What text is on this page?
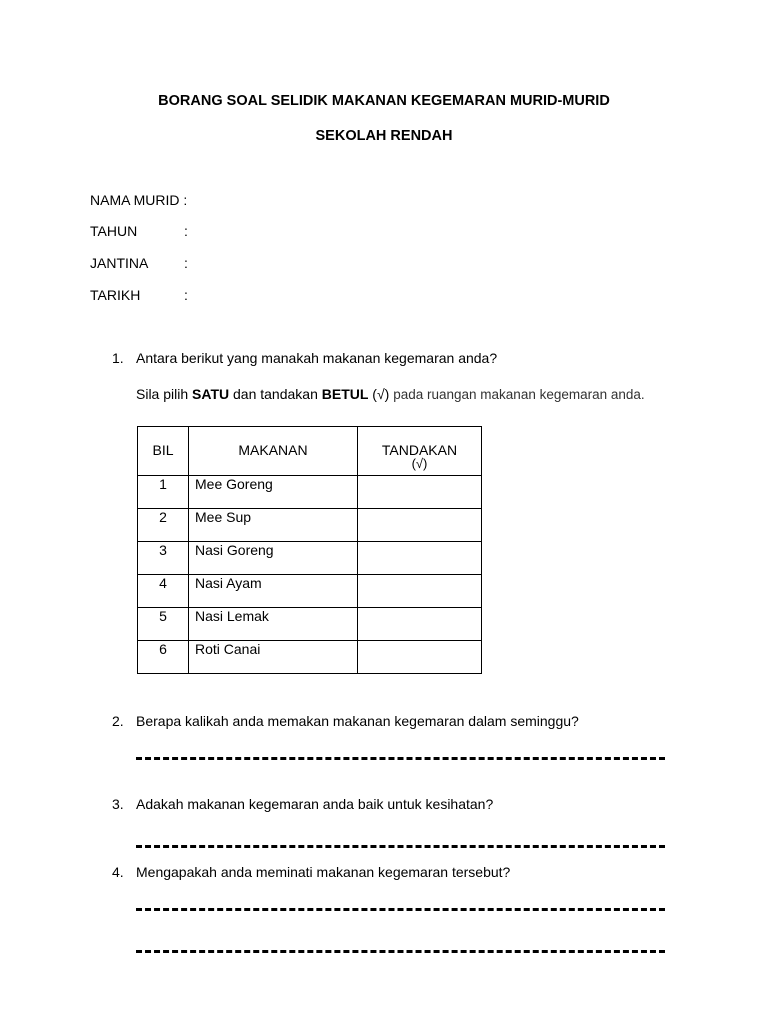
BORANG SOAL SELIDIK MAKANAN KEGEMARAN MURID-MURID
SEKOLAH RENDAH
NAMA MURID :
TAHUN	:
JANTINA	:
TARIKH	:
1. Antara berikut yang manakah makanan kegemaran anda?
Sila pilih SATU dan tandakan BETUL (√) pada ruangan makanan kegemaran anda.
BIL	MAKANAN	TANDAKAN
(√)

1	Mee Goreng	
2	Mee Sup	
3	Nasi Goreng	
4	Nasi Ayam	
5	Nasi Lemak	
6	Roti Canai	
2. Berapa kalikah anda memakan makanan kegemaran dalam seminggu?
3. Adakah makanan kegemaran anda baik untuk kesihatan?
4. Mengapakah anda meminati makanan kegemaran tersebut?
